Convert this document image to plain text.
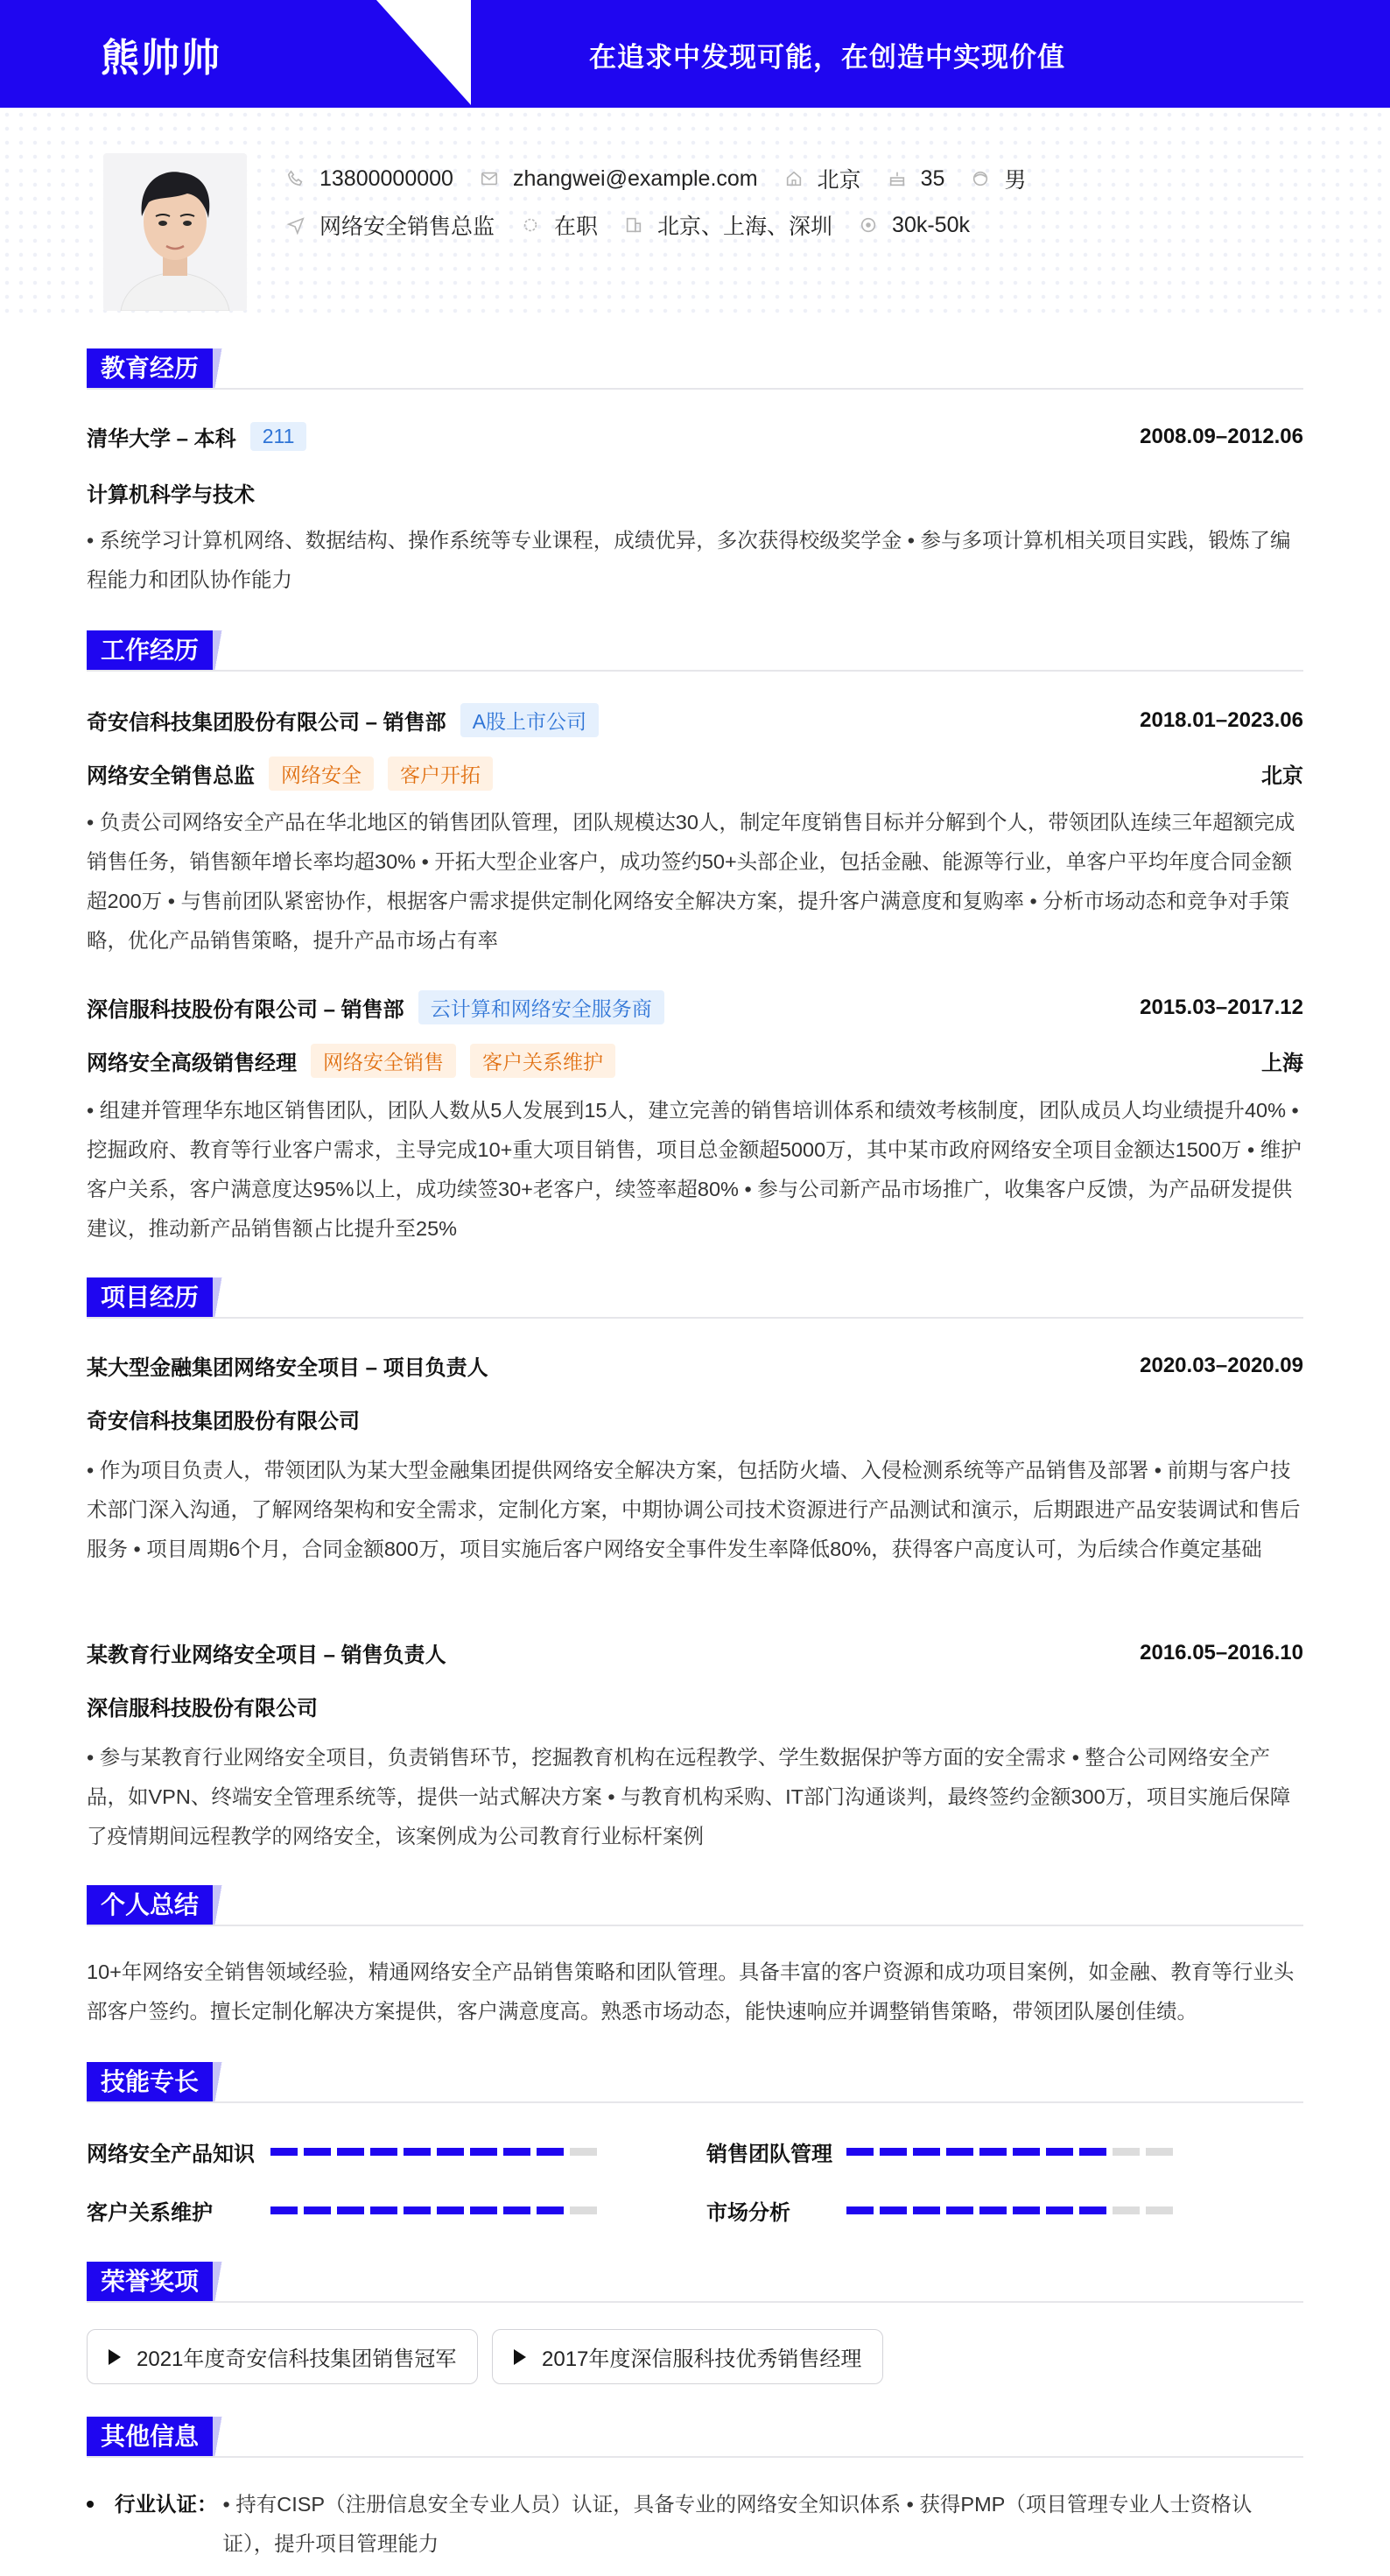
熊帅帅	在追求中发现可能，在创造中实现价值
13800000000	zhangwei@example.com	北京	35	男
网络安全销售总监	在职	北京、上海、深圳	30k-50k
教育经历
清华大学 – 本科	211	2008.09–2012.06
计算机科学与技术
• 系统学习计算机网络、数据结构、操作系统等专业课程，成绩优异，多次获得校级奖学金 • 参与多项计算机相关项目实践，锻炼了编程能力和团队协作能力
工作经历
奇安信科技集团股份有限公司 – 销售部	A股上市公司	2018.01–2023.06
网络安全销售总监	网络安全	客户开拓	北京
• 负责公司网络安全产品在华北地区的销售团队管理，团队规模达30人，制定年度销售目标并分解到个人，带领团队连续三年超额完成销售任务，销售额年增长率均超30% • 开拓大型企业客户，成功签约50+头部企业，包括金融、能源等行业，单客户平均年度合同金额超200万 • 与售前团队紧密协作，根据客户需求提供定制化网络安全解决方案，提升客户满意度和复购率 • 分析市场动态和竞争对手策略，优化产品销售策略，提升产品市场占有率
深信服科技股份有限公司 – 销售部	云计算和网络安全服务商	2015.03–2017.12
网络安全高级销售经理	网络安全销售	客户关系维护	上海
• 组建并管理华东地区销售团队，团队人数从5人发展到15人，建立完善的销售培训体系和绩效考核制度，团队成员人均业绩提升40% • 挖掘政府、教育等行业客户需求，主导完成10+重大项目销售，项目总金额超5000万，其中某市政府网络安全项目金额达1500万 • 维护客户关系，客户满意度达95%以上，成功续签30+老客户，续签率超80% • 参与公司新产品市场推广，收集客户反馈，为产品研发提供建议，推动新产品销售额占比提升至25%
项目经历
某大型金融集团网络安全项目 – 项目负责人	2020.03–2020.09
奇安信科技集团股份有限公司
• 作为项目负责人，带领团队为某大型金融集团提供网络安全解决方案，包括防火墙、入侵检测系统等产品销售及部署 • 前期与客户技术部门深入沟通，了解网络架构和安全需求，定制化方案，中期协调公司技术资源进行产品测试和演示，后期跟进产品安装调试和售后服务 • 项目周期6个月，合同金额800万，项目实施后客户网络安全事件发生率降低80%，获得客户高度认可，为后续合作奠定基础
某教育行业网络安全项目 – 销售负责人	2016.05–2016.10
深信服科技股份有限公司
• 参与某教育行业网络安全项目，负责销售环节，挖掘教育机构在远程教学、学生数据保护等方面的安全需求 • 整合公司网络安全产品，如VPN、终端安全管理系统等，提供一站式解决方案 • 与教育机构采购、IT部门沟通谈判，最终签约金额300万，项目实施后保障了疫情期间远程教学的网络安全，该案例成为公司教育行业标杆案例
个人总结
10+年网络安全销售领域经验，精通网络安全产品销售策略和团队管理。具备丰富的客户资源和成功项目案例，如金融、教育等行业头部客户签约。擅长定制化解决方案提供，客户满意度高。熟悉市场动态，能快速响应并调整销售策略，带领团队屡创佳绩。
技能专长
网络安全产品知识	销售团队管理
客户关系维护	市场分析
荣誉奖项
2021年度奇安信科技集团销售冠军	2017年度深信服科技优秀销售经理
其他信息
行业认证： • 持有CISP（注册信息安全专业人员）认证，具备专业的网络安全知识体系 • 获得PMP（项目管理专业人士资格认证），提升项目管理能力
